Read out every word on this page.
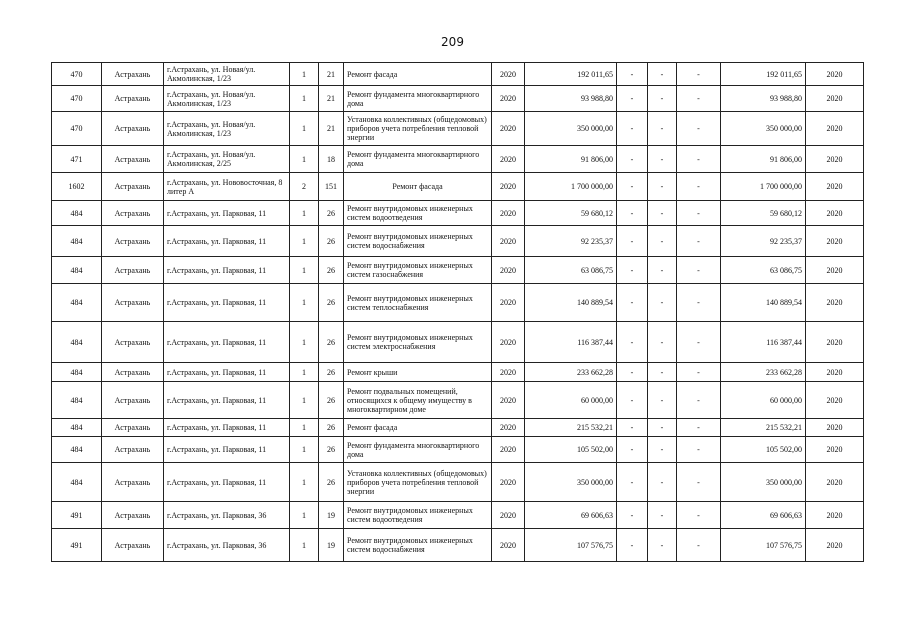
209
470	Астрахань	г.Астрахань, ул. Новая/ул. Акмолинская, 1/23	1	21	Ремонт фасада	2020	192 011,65	-	-	-	192 011,65	2020
470	Астрахань	г.Астрахань, ул. Новая/ул. Акмолинская, 1/23	1	21	Ремонт фундамента многоквартирного дома	2020	93 988,80	-	-	-	93 988,80	2020
470	Астрахань	г.Астрахань, ул. Новая/ул. Акмолинская, 1/23	1	21	Установка коллективных (общедомовых) приборов учета потребления тепловой энергии	2020	350 000,00	-	-	-	350 000,00	2020
471	Астрахань	г.Астрахань, ул. Новая/ул. Акмолинская, 2/25	1	18	Ремонт фундамента многоквартирного дома	2020	91 806,00	-	-	-	91 806,00	2020
1602	Астрахань	г.Астрахань, ул. Нововосточная, 8 литер А	2	151	Ремонт фасада	2020	1 700 000,00	-	-	-	1 700 000,00	2020
484	Астрахань	г.Астрахань, ул. Парковая, 11	1	26	Ремонт внутридомовых инженерных систем водоотведения	2020	59 680,12	-	-	-	59 680,12	2020
484	Астрахань	г.Астрахань, ул. Парковая, 11	1	26	Ремонт внутридомовых инженерных систем водоснабжения	2020	92 235,37	-	-	-	92 235,37	2020
484	Астрахань	г.Астрахань, ул. Парковая, 11	1	26	Ремонт внутридомовых инженерных систем газоснабжения	2020	63 086,75	-	-	-	63 086,75	2020
484	Астрахань	г.Астрахань, ул. Парковая, 11	1	26	Ремонт внутридомовых инженерных систем теплоснабжения	2020	140 889,54	-	-	-	140 889,54	2020
484	Астрахань	г.Астрахань, ул. Парковая, 11	1	26	Ремонт внутридомовых инженерных систем электроснабжения	2020	116 387,44	-	-	-	116 387,44	2020
484	Астрахань	г.Астрахань, ул. Парковая, 11	1	26	Ремонт крыши	2020	233 662,28	-	-	-	233 662,28	2020
484	Астрахань	г.Астрахань, ул. Парковая, 11	1	26	Ремонт подвальных помещений, относящихся к общему имуществу в многоквартирном доме	2020	60 000,00	-	-	-	60 000,00	2020
484	Астрахань	г.Астрахань, ул. Парковая, 11	1	26	Ремонт фасада	2020	215 532,21	-	-	-	215 532,21	2020
484	Астрахань	г.Астрахань, ул. Парковая, 11	1	26	Ремонт фундамента многоквартирного дома	2020	105 502,00	-	-	-	105 502,00	2020
484	Астрахань	г.Астрахань, ул. Парковая, 11	1	26	Установка коллективных (общедомовых) приборов учета потребления тепловой энергии	2020	350 000,00	-	-	-	350 000,00	2020
491	Астрахань	г.Астрахань, ул. Парковая, 36	1	19	Ремонт внутридомовых инженерных систем водоотведения	2020	69 606,63	-	-	-	69 606,63	2020
491	Астрахань	г.Астрахань, ул. Парковая, 36	1	19	Ремонт внутридомовых инженерных систем водоснабжения	2020	107 576,75	-	-	-	107 576,75	2020
